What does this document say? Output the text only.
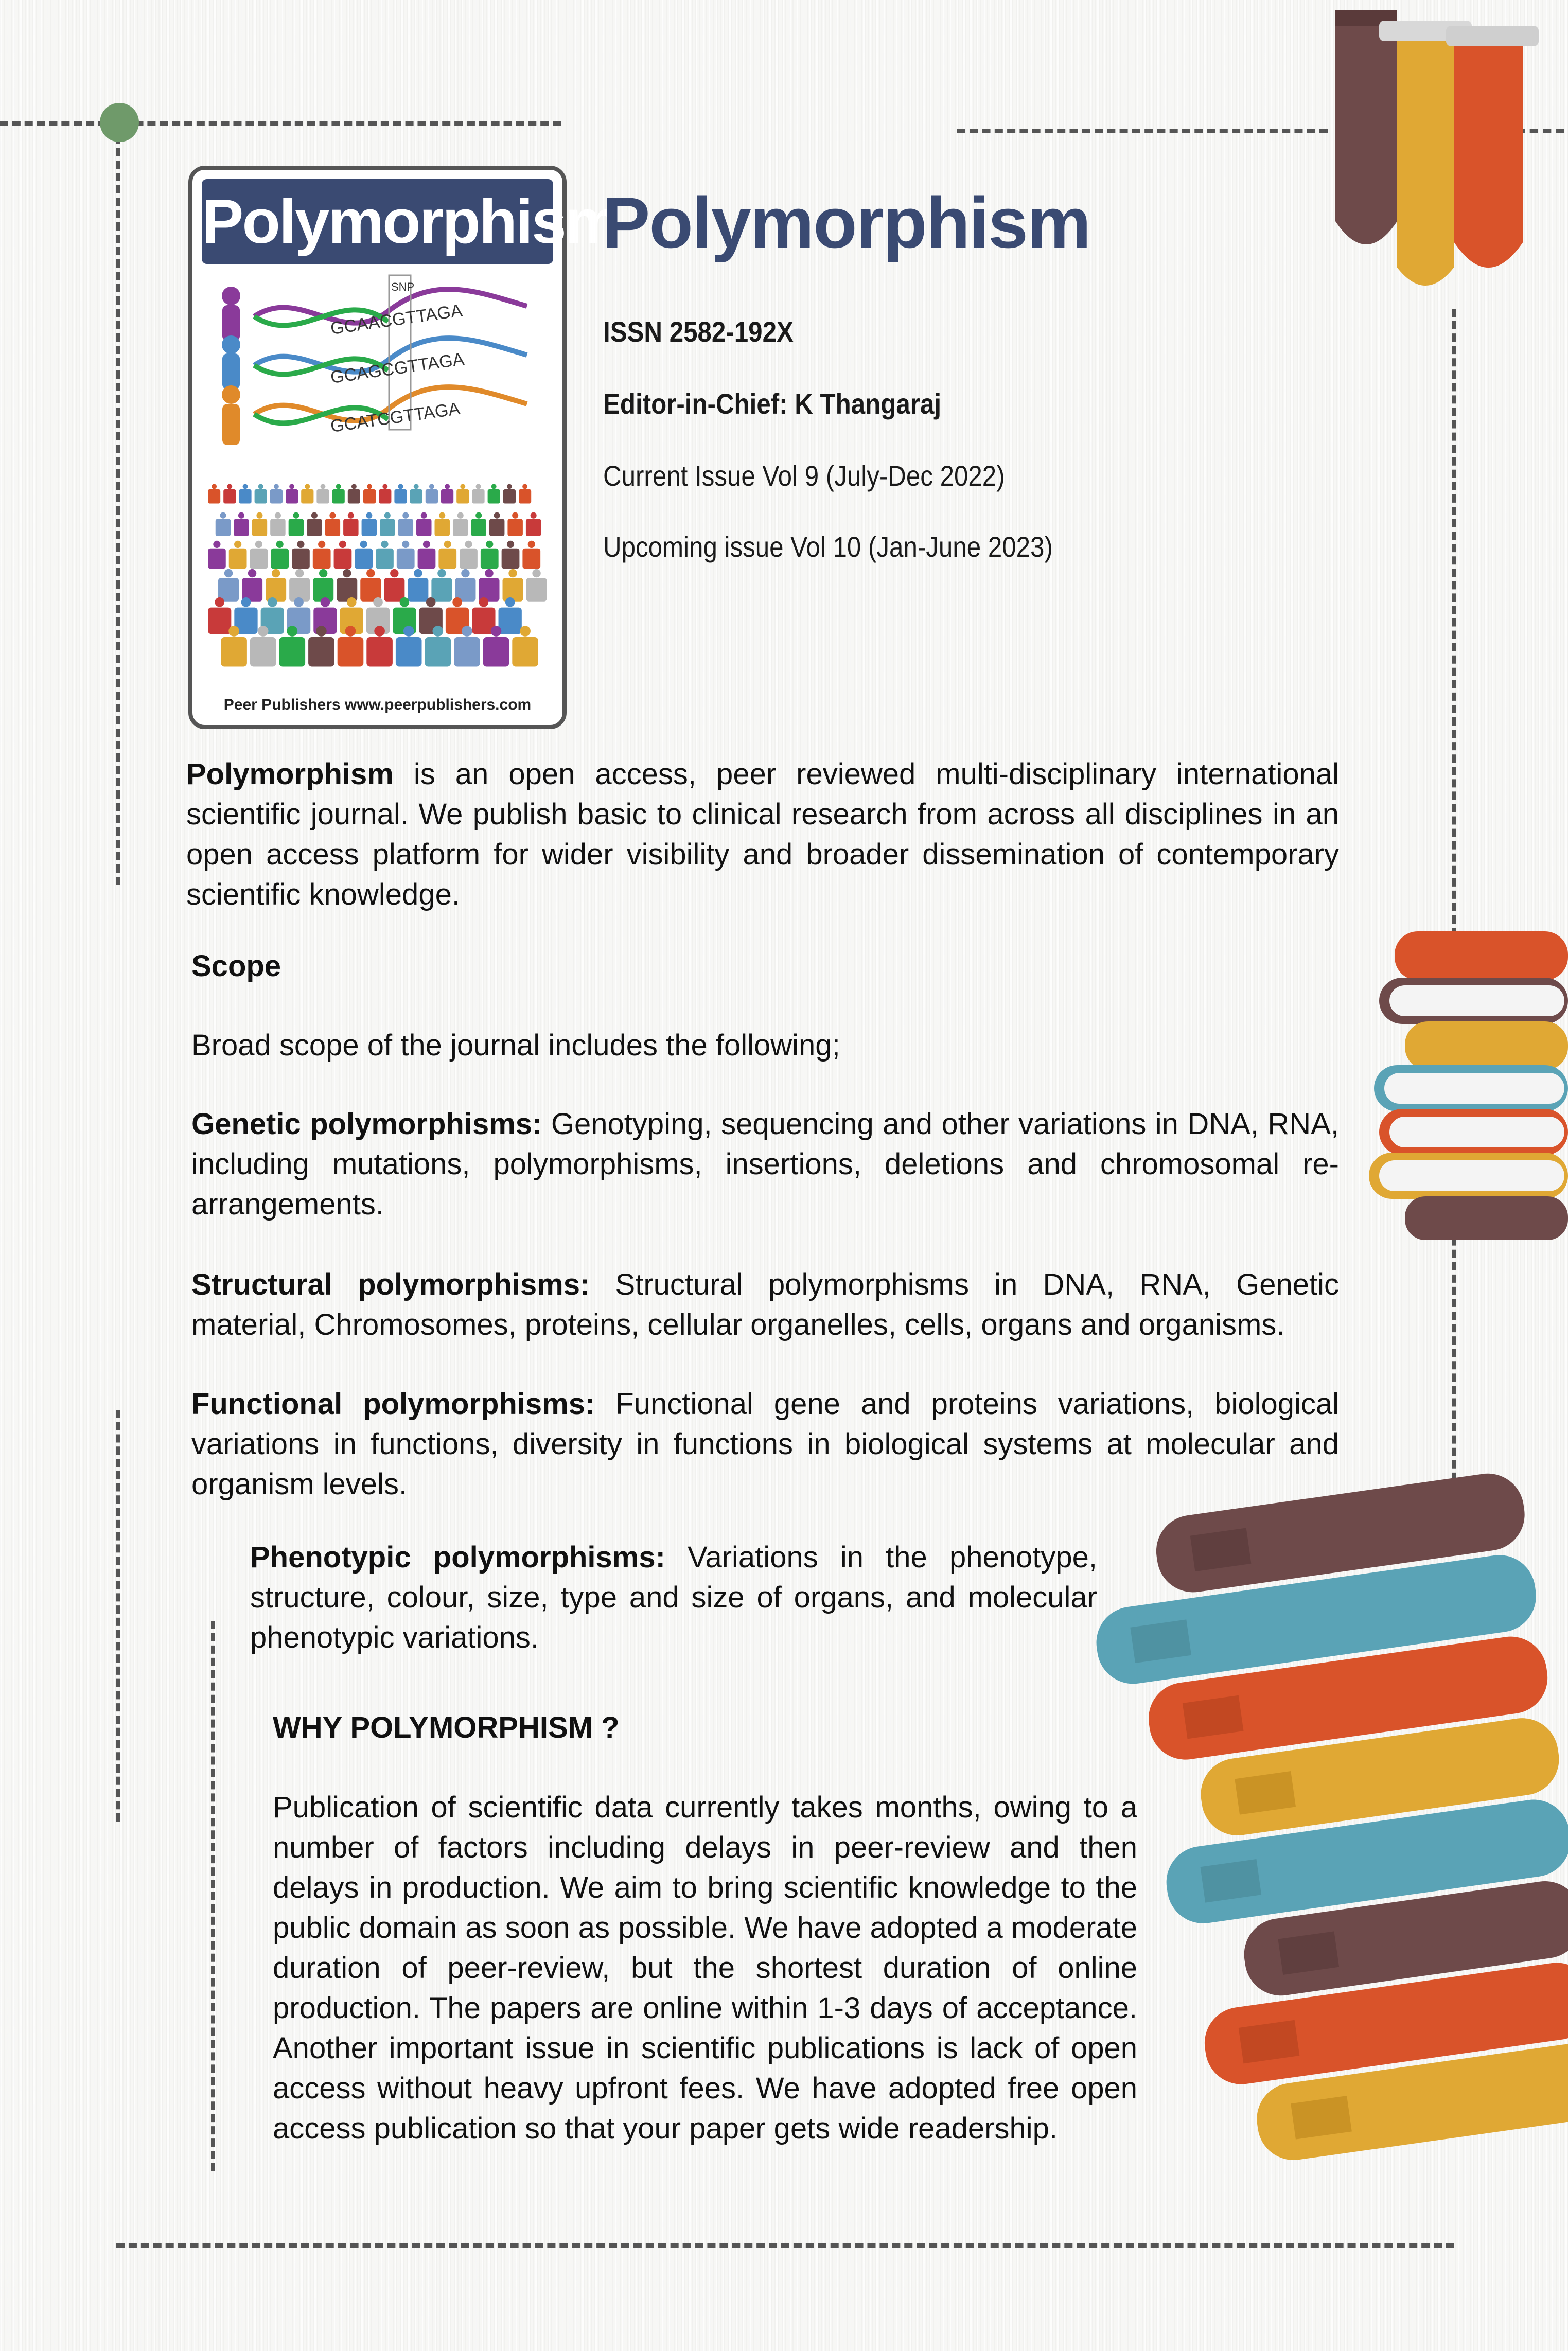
Polymorphism
SNP
GCAACGTTAGA
GCAGCGTTAGA
GCATCGTTAGA
Peer Publishers www.peerpublishers.com
Polymorphism
ISSN 2582-192X
Editor-in-Chief: K Thangaraj
Current Issue Vol 9 (July-Dec 2022)
Upcoming issue Vol 10 (Jan-June 2023)
Polymorphism is an open access, peer reviewed multi-disciplinary international scientific journal. We publish basic to clinical research from across all disciplines in an open access platform for wider visibility and broader dissemination of contemporary scientific knowledge.
Scope
Broad scope of the journal includes the following;
Genetic polymorphisms: Genotyping, sequencing and other variations in DNA, RNA, including mutations, polymorphisms, insertions, deletions and chromosomal re-arrangements.
Structural polymorphisms: Structural polymorphisms in DNA, RNA, Genetic material, Chromosomes, proteins, cellular organelles, cells, organs and organisms.
Functional polymorphisms: Functional gene and proteins variations, biological variations in functions, diversity in functions in biological systems at molecular and organism levels.
Phenotypic polymorphisms: Variations in the phenotype, structure, colour, size, type and size of organs, and molecular phenotypic variations.
WHY POLYMORPHISM ?
Publication of scientific data currently takes months, owing to a number of factors including delays in peer-review and then delays in production. We aim to bring scientific knowledge to the public domain as soon as possible. We have adopted a moderate duration of peer-review, but the shortest duration of online production. The papers are online within 1-3 days of acceptance. Another important issue in scientific publications is lack of open access without heavy upfront fees. We have adopted free open access publication so that your paper gets wide readership.
